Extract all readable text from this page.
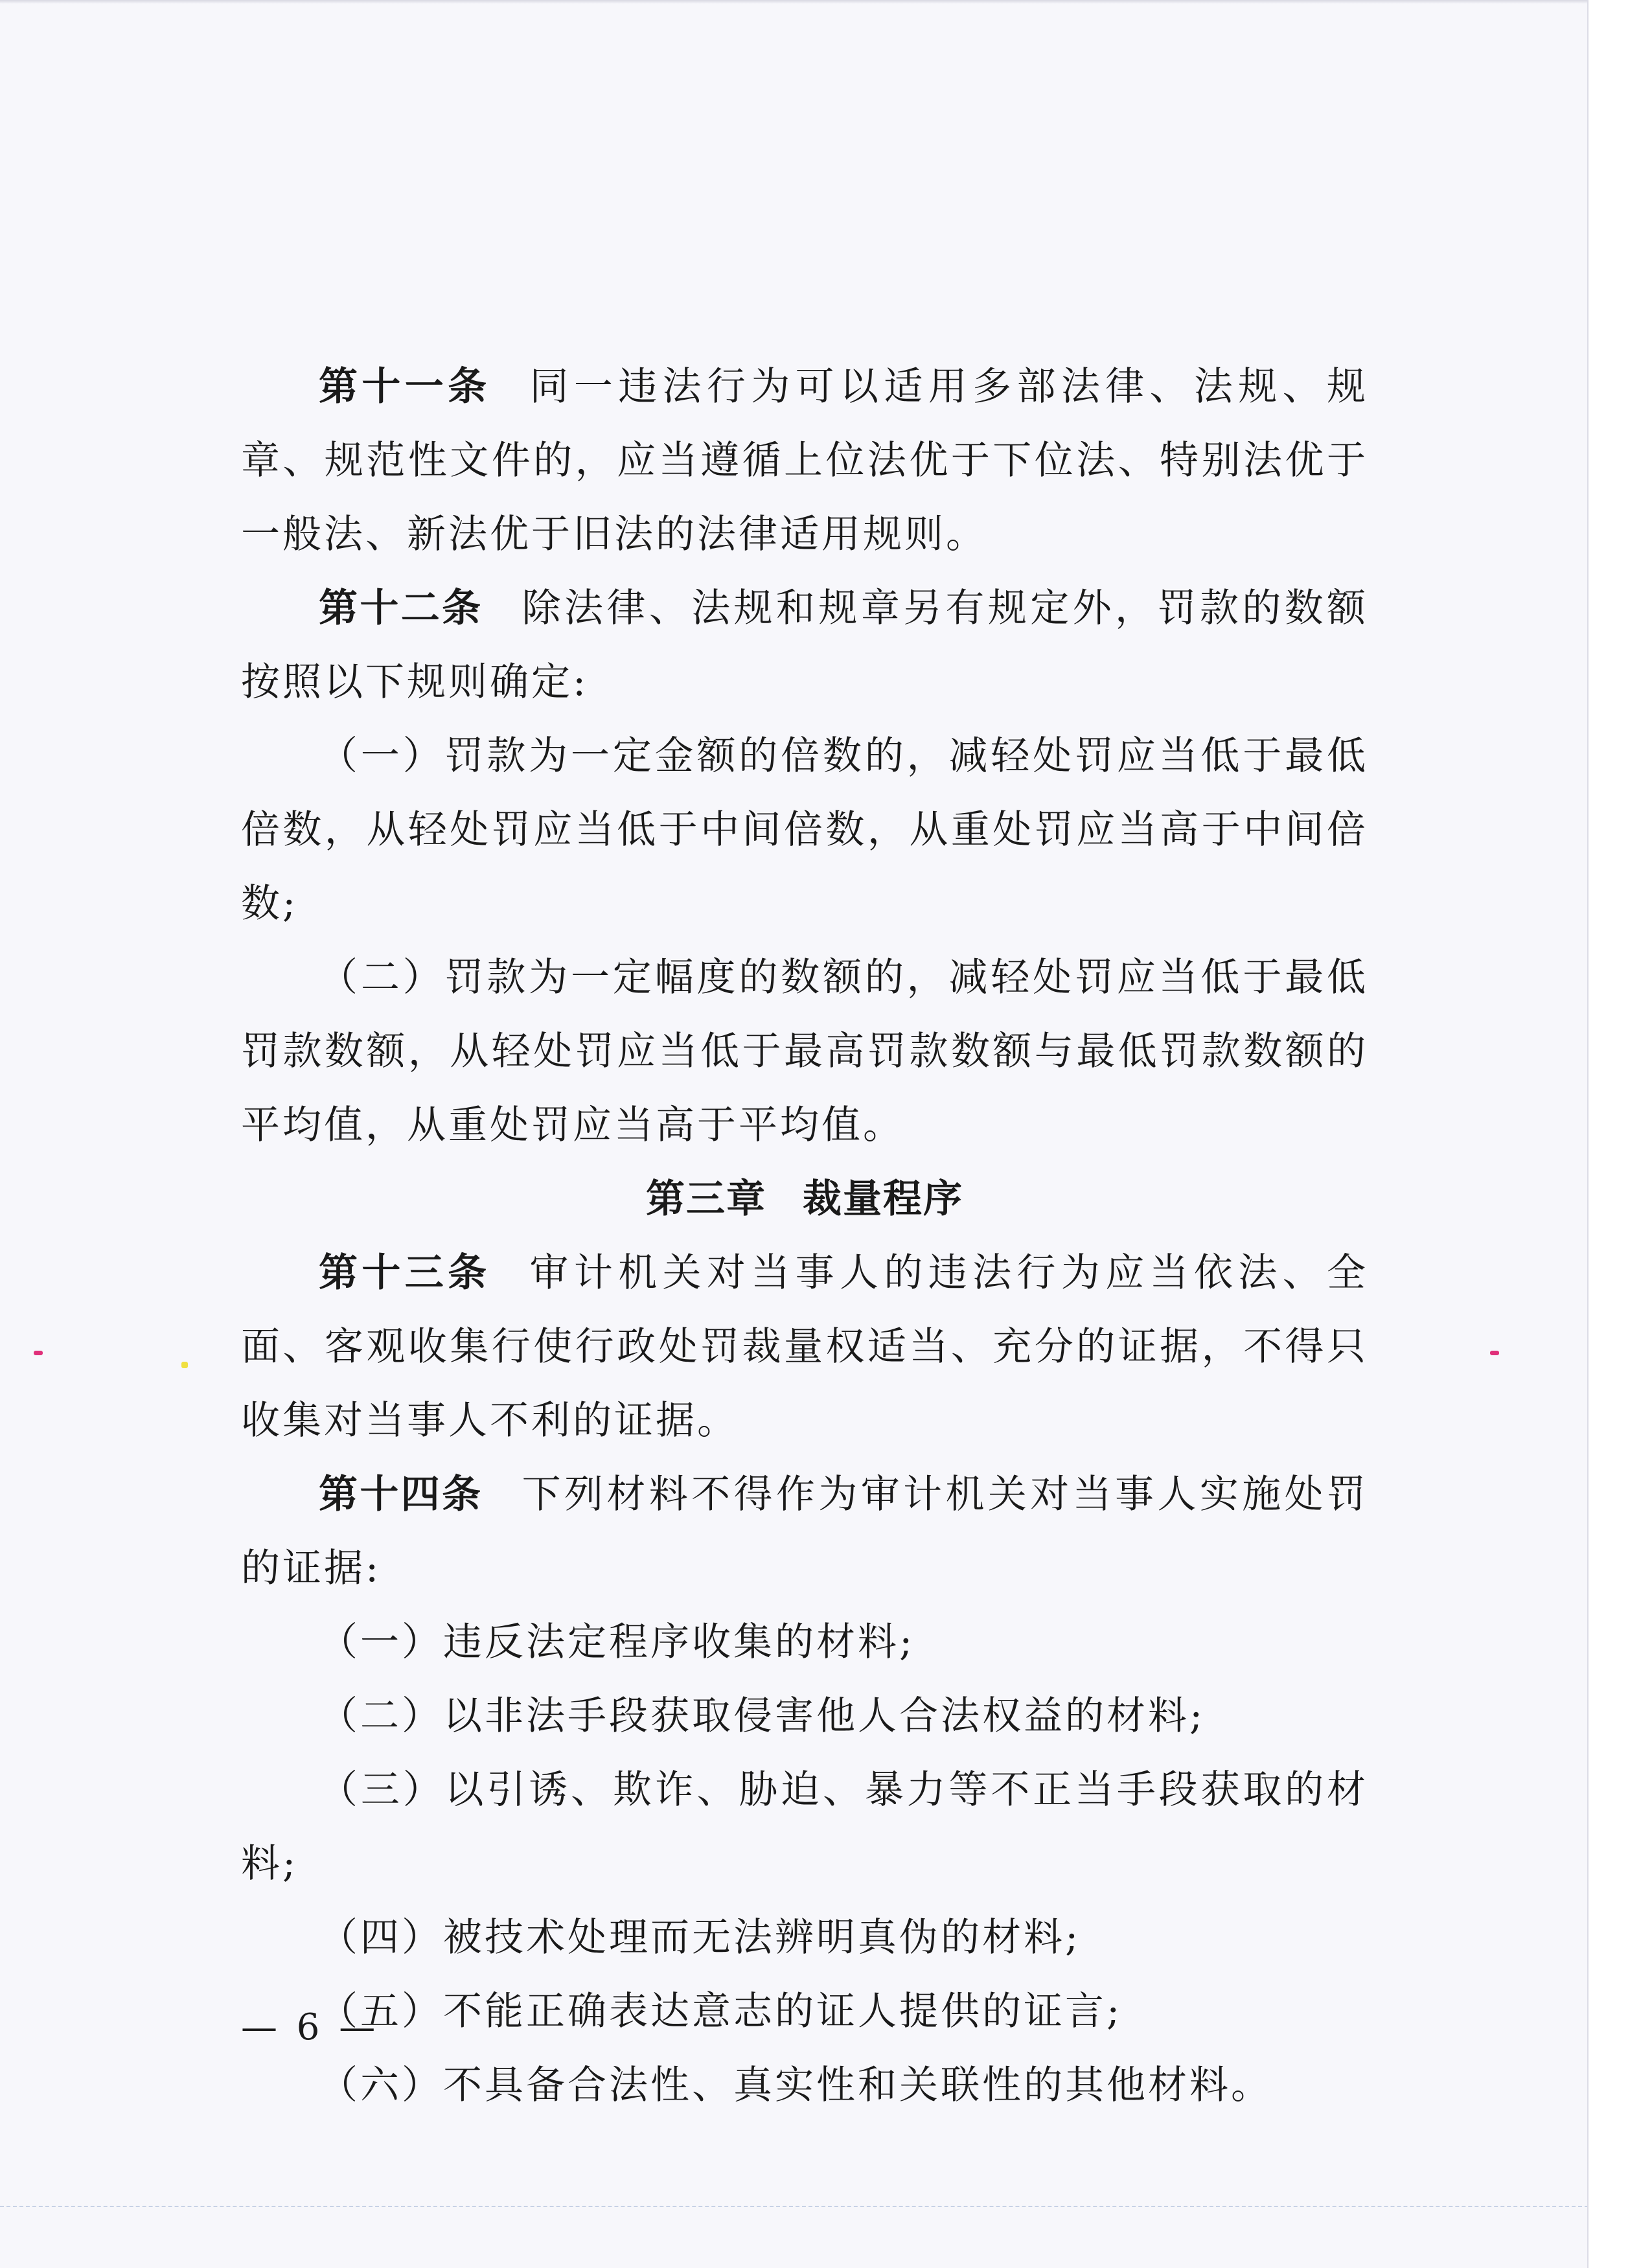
第十一条 同一违法行为可以适用多部法律、法规、规章、规范性文件的，应当遵循上位法优于下位法、特别法优于一般法、新法优于旧法的法律适用规则。

第十二条 除法律、法规和规章另有规定外，罚款的数额按照以下规则确定:

（一）罚款为一定金额的倍数的，减轻处罚应当低于最低倍数，从轻处罚应当低于中间倍数，从重处罚应当高于中间倍数;

（二）罚款为一定幅度的数额的，减轻处罚应当低于最低罚款数额，从轻处罚应当低于最高罚款数额与最低罚款数额的平均值，从重处罚应当高于平均值。

第三章 裁量程序

第十三条 审计机关对当事人的违法行为应当依法、全面、客观收集行使行政处罚裁量权适当、充分的证据，不得只收集对当事人不利的证据。

第十四条 下列材料不得作为审计机关对当事人实施处罚的证据:

（一）违反法定程序收集的材料;

（二）以非法手段获取侵害他人合法权益的材料;

（三）以引诱、欺诈、胁迫、暴力等不正当手段获取的材料;

（四）被技术处理而无法辨明真伪的材料;

（五）不能正确表达意志的证人提供的证言;

（六）不具备合法性、真实性和关联性的其他材料。

— 6 —
